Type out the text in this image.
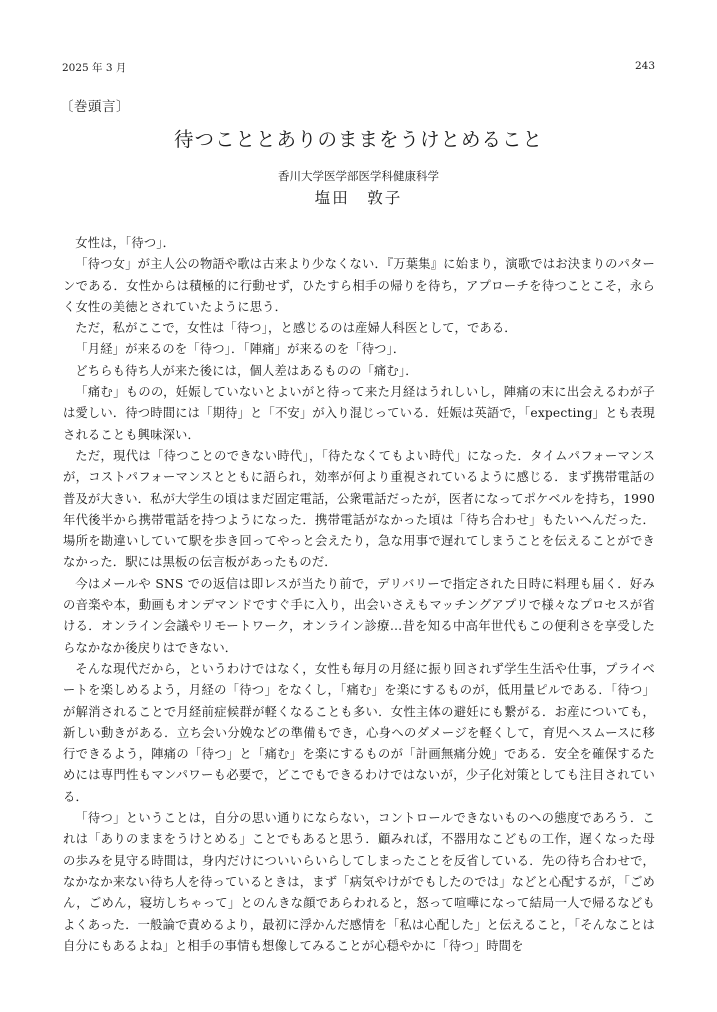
2025 年 3 月	243
〔巻頭言〕
待つこととありのままをうけとめること
香川大学医学部医学科健康科学
塩田　敦子

女性は，「待つ」．

「待つ女」が主人公の物語や歌は古来より少なくない．『万葉集』に始まり，演歌ではお決まりのパターンである．女性からは積極的に行動せず，ひたすら相手の帰りを待ち，アプローチを待つことこそ，永らく女性の美徳とされていたように思う．

ただ，私がここで，女性は「待つ」，と感じるのは産婦人科医として，である．

「月経」が来るのを「待つ」．「陣痛」が来るのを「待つ」．

どちらも待ち人が来た後には，個人差はあるものの「痛む」．

「痛む」ものの，妊娠していないとよいがと待って来た月経はうれしいし，陣痛の末に出会えるわが子は愛しい．待つ時間には「期待」と「不安」が入り混じっている．妊娠は英語で，「expecting」とも表現されることも興味深い．

ただ，現代は「待つことのできない時代」，「待たなくてもよい時代」になった．タイムパフォーマンスが，コストパフォーマンスとともに語られ，効率が何より重視されているように感じる．まず携帯電話の普及が大きい．私が大学生の頃はまだ固定電話，公衆電話だったが，医者になってポケベルを持ち，1990 年代後半から携帯電話を持つようになった．携帯電話がなかった頃は「待ち合わせ」もたいへんだった．場所を勘違いしていて駅を歩き回ってやっと会えたり，急な用事で遅れてしまうことを伝えることができなかった．駅には黒板の伝言板があったものだ．

今はメールや SNS での返信は即レスが当たり前で，デリバリーで指定された日時に料理も届く．好みの音楽や本，動画もオンデマンドですぐ手に入り，出会いさえもマッチングアプリで様々なプロセスが省ける．オンライン会議やリモートワーク，オンライン診療…昔を知る中高年世代もこの便利さを享受したらなかなか後戻りはできない．

そんな現代だから，というわけではなく，女性も毎月の月経に振り回されず学生生活や仕事，プライベートを楽しめるよう，月経の「待つ」をなくし，「痛む」を楽にするものが，低用量ピルである．「待つ」が解消されることで月経前症候群が軽くなることも多い．女性主体の避妊にも繋がる．お産についても，新しい動きがある．立ち会い分娩などの準備もでき，心身へのダメージを軽くして，育児ヘスムースに移行できるよう，陣痛の「待つ」と「痛む」を楽にするものが「計画無痛分娩」である．安全を確保するためには専門性もマンパワーも必要で，どこでもできるわけではないが，少子化対策としても注目されている．

「待つ」ということは，自分の思い通りにならない，コントロールできないものへの態度であろう．これは「ありのままをうけとめる」ことでもあると思う．顧みれば，不器用なこどもの工作，遅くなった母の歩みを見守る時間は，身内だけについいらいらしてしまったことを反省している．先の待ち合わせで，なかなか来ない待ち人を待っているときは，まず「病気やけがでもしたのでは」などと心配するが，「ごめん，ごめん，寝坊しちゃって」とのんきな顔であらわれると，怒って喧嘩になって結局一人で帰るなどもよくあった．一般論で責めるより，最初に浮かんだ感情を「私は心配した」と伝えること，「そんなことは自分にもあるよね」と相手の事情も想像してみることが心穏やかに「待つ」時間を
